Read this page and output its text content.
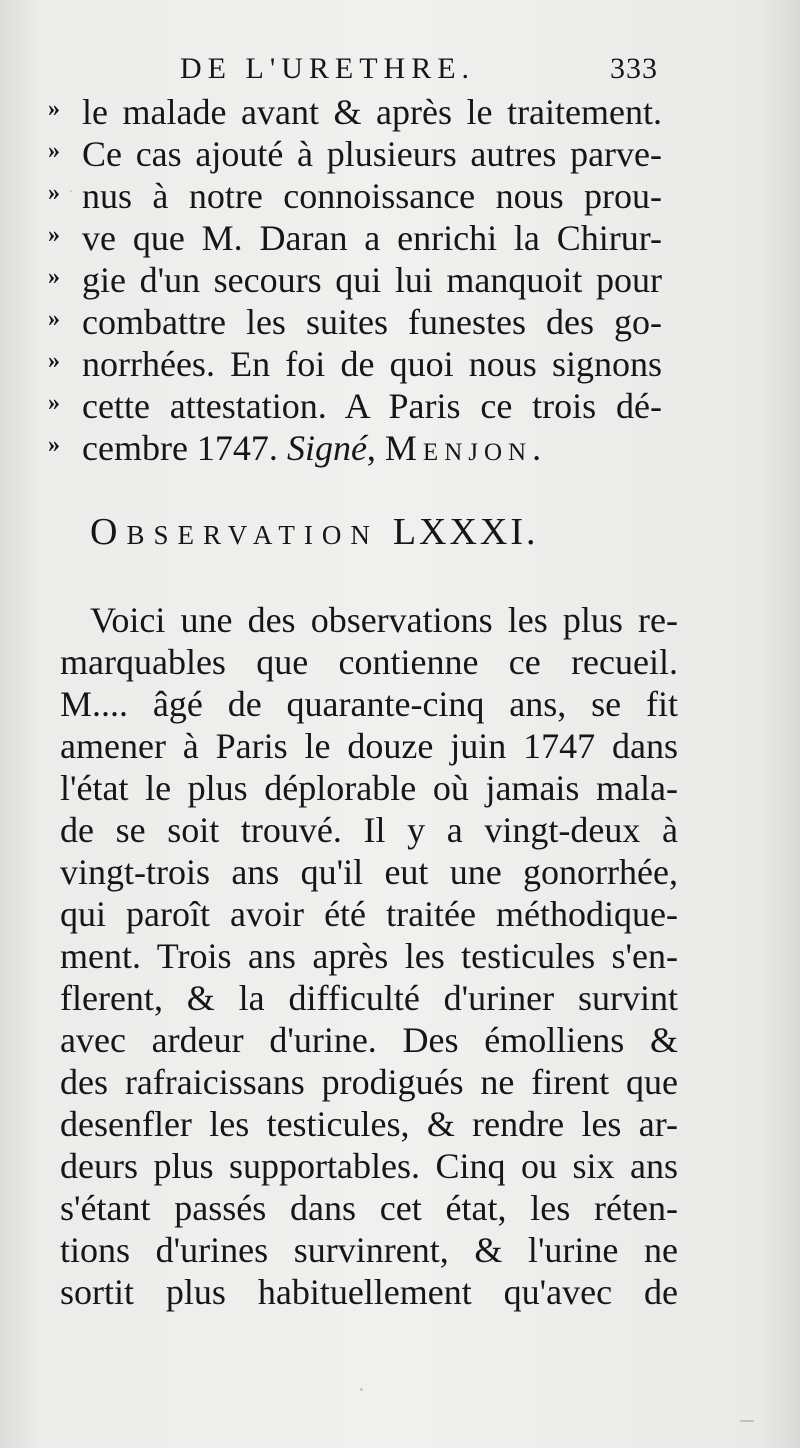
DE L'URETHRE.	333
» le malade avant & après le traitement.
» Ce cas ajouté à plusieurs autres parve-
» nus à notre connoissance nous prou-
» ve que M. Daran a enrichi la Chirur-
» gie d'un secours qui lui manquoit pour
» combattre les suites funestes des go-
» norrhées. En foi de quoi nous signons
» cette attestation. A Paris ce trois dé-
» cembre 1747. Signé, Menjon.
Observation LXXXI.
Voici une des observations les plus re-
marquables que contienne ce recueil.
M.... âgé de quarante-cinq ans, se fit
amener à Paris le douze juin 1747 dans
l'état le plus déplorable où jamais mala-
de se soit trouvé. Il y a vingt-deux à
vingt-trois ans qu'il eut une gonorrhée,
qui paroît avoir été traitée méthodique-
ment. Trois ans après les testicules s'en-
flerent, & la difficulté d'uriner survint
avec ardeur d'urine. Des émolliens &
des rafraicissans prodigués ne firent que
desenfler les testicules, & rendre les ar-
deurs plus supportables. Cinq ou six ans
s'étant passés dans cet état, les réten-
tions d'urines survinrent, & l'urine ne
sortit plus habituellement qu'avec de
